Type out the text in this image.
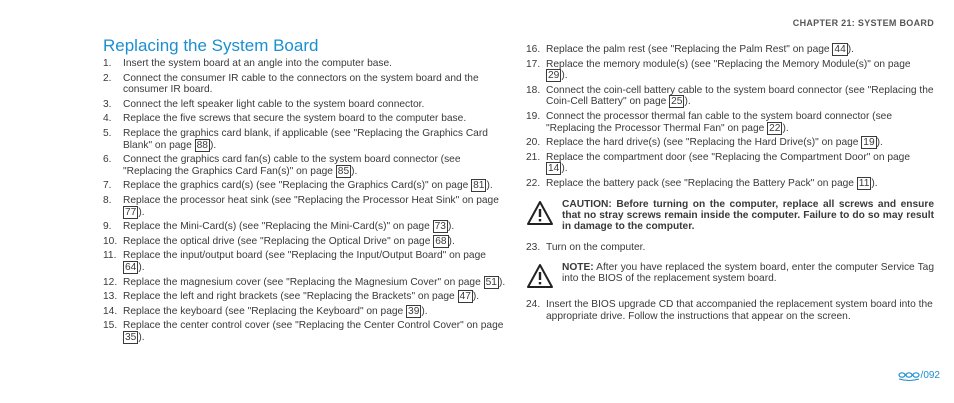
CHAPTER 21: SYSTEM BOARD
Replacing the System Board
1.	Insert the system board at an angle into the computer base.
2.	Connect the consumer IR cable to the connectors on the system board and the consumer IR board.
3.	Connect the left speaker light cable to the system board connector.
4.	Replace the five screws that secure the system board to the computer base.
5.	Replace the graphics card blank, if applicable (see "Replacing the Graphics Card Blank" on page 88 ).
6.	Connect the graphics card fan(s) cable to the system board connector (see "Replacing the Graphics Card Fan(s)" on page 85 ).
7.	Replace the graphics card(s) (see "Replacing the Graphics Card(s)" on page 81 ).
8.	Replace the processor heat sink (see "Replacing the Processor Heat Sink" on page 77 ).
9.	Replace the Mini-Card(s) (see "Replacing the Mini-Card(s)" on page 73 ).
10. Replace the optical drive (see "Replacing the Optical Drive" on page 68 ).
11. Replace the input/output board (see "Replacing the Input/Output Board" on page 64 ).
12. Replace the magnesium cover (see "Replacing the Magnesium Cover" on page 51 ).
13. Replace the left and right brackets (see "Replacing the Brackets" on page 47 ).
14. Replace the keyboard (see "Replacing the Keyboard" on page 39 ).
15. Replace the center control cover (see "Replacing the Center Control Cover" on page 35 ).
16. Replace the palm rest (see "Replacing the Palm Rest" on page 44 ).
17. Replace the memory module(s) (see "Replacing the Memory Module(s)" on page 29 ).
18. Connect the coin-cell battery cable to the system board connector (see "Replacing the Coin-Cell Battery" on page 25 ).
19. Connect the processor thermal fan cable to the system board connector (see "Replacing the Processor Thermal Fan" on page 22 ).
20. Replace the hard drive(s) (see "Replacing the Hard Drive(s)" on page 19 ).
21. Replace the compartment door (see "Replacing the Compartment Door" on page 14 ).
22. Replace the battery pack (see "Replacing the Battery Pack" on page 11 ).
CAUTION: Before turning on the computer, replace all screws and ensure that no stray screws remain inside the computer. Failure to do so may result in damage to the computer.
23. Turn on the computer.
NOTE: After you have replaced the system board, enter the computer Service Tag into the BIOS of the replacement system board.
24. Insert the BIOS upgrade CD that accompanied the replacement system board into the appropriate drive. Follow the instructions that appear on the screen.
/092
